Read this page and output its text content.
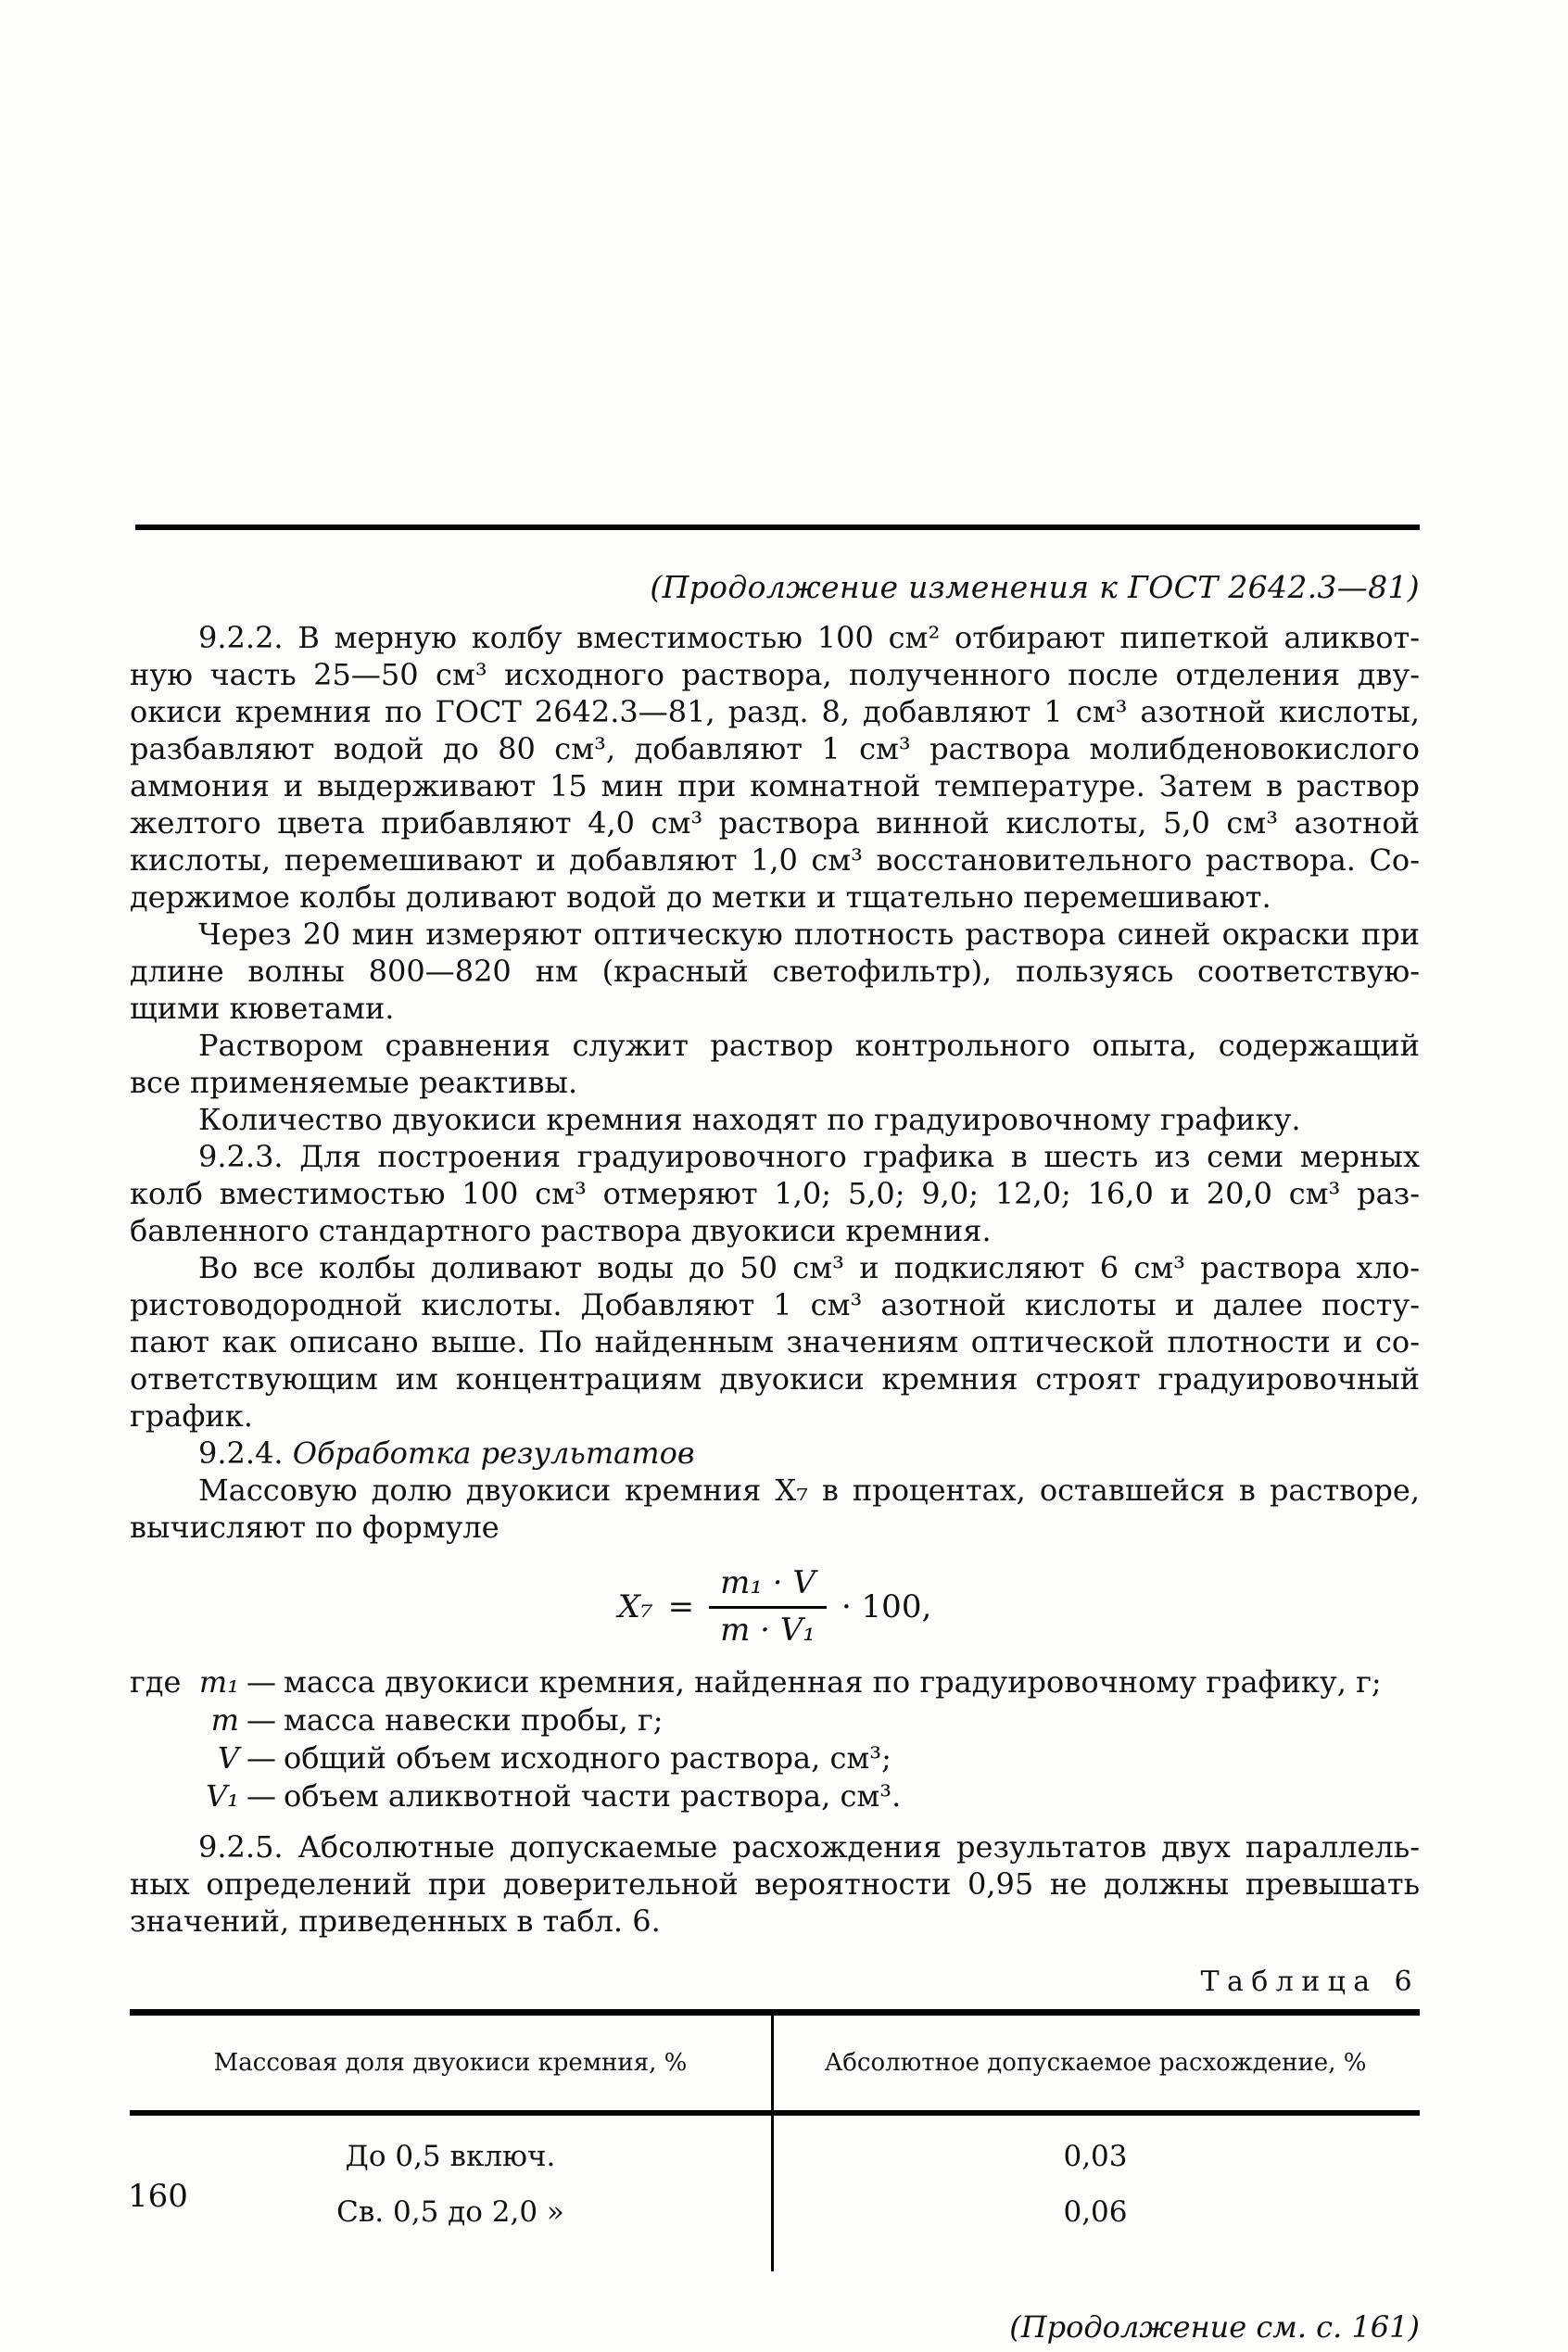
(Продолжение изменения к ГОСТ 2642.3—81)
9.2.2. В мерную колбу вместимостью 100 см² отбирают пипеткой аликвот-
ную часть 25—50 см³ исходного раствора, полученного после отделения дву-
окиси кремния по ГОСТ 2642.3—81, разд. 8, добавляют 1 см³ азотной кислоты,
разбавляют водой до 80 см³, добавляют 1 см³ раствора молибденовокислого
аммония и выдерживают 15 мин при комнатной температуре. Затем в раствор
желтого цвета прибавляют 4,0 см³ раствора винной кислоты, 5,0 см³ азотной
кислоты, перемешивают и добавляют 1,0 см³ восстановительного раствора. Со-
держимое колбы доливают водой до метки и тщательно перемешивают.
Через 20 мин измеряют оптическую плотность раствора синей окраски при
длине волны 800—820 нм (красный светофильтр), пользуясь соответствую-
щими кюветами.
Раствором сравнения служит раствор контрольного опыта, содержащий
все применяемые реактивы.
Количество двуокиси кремния находят по градуировочному графику.
9.2.3. Для построения градуировочного графика в шесть из семи мерных
колб вместимостью 100 см³ отмеряют 1,0; 5,0; 9,0; 12,0; 16,0 и 20,0 см³ раз-
бавленного стандартного раствора двуокиси кремния.
Во все колбы доливают воды до 50 см³ и подкисляют 6 см³ раствора хло-
ристоводородной кислоты. Добавляют 1 см³ азотной кислоты и далее посту-
пают как описано выше. По найденным значениям оптической плотности и со-
ответствующим им концентрациям двуокиси кремния строят градуировочный
график.
9.2.4. Обработка результатов
Массовую долю двуокиси кремния X₇ в процентах, оставшейся в растворе,
вычисляют по формуле
$X_7 = \frac{\text{m₁ · V}}{\text{m · V₁}} \cdot 100$,
где m₁ — масса двуокиси кремния, найденная по градуировочному графику, г;
m — масса навески пробы, г;
V — общий объем исходного раствора, см³;
V₁ — объем аликвотной части раствора, см³.
9.2.5. Абсолютные допускаемые расхождения результатов двух параллель-
ных определений при доверительной вероятности 0,95 не должны превышать
значений, приведенных в табл. 6.
Таблица 6
Массовая доля двуокиси кремния, %	Абсолютное допускаемое расхождение, %
До 0,5 включ.	0,03
Св. 0,5 до 2,0 »	0,06
(Продолжение см. с. 161)
160
